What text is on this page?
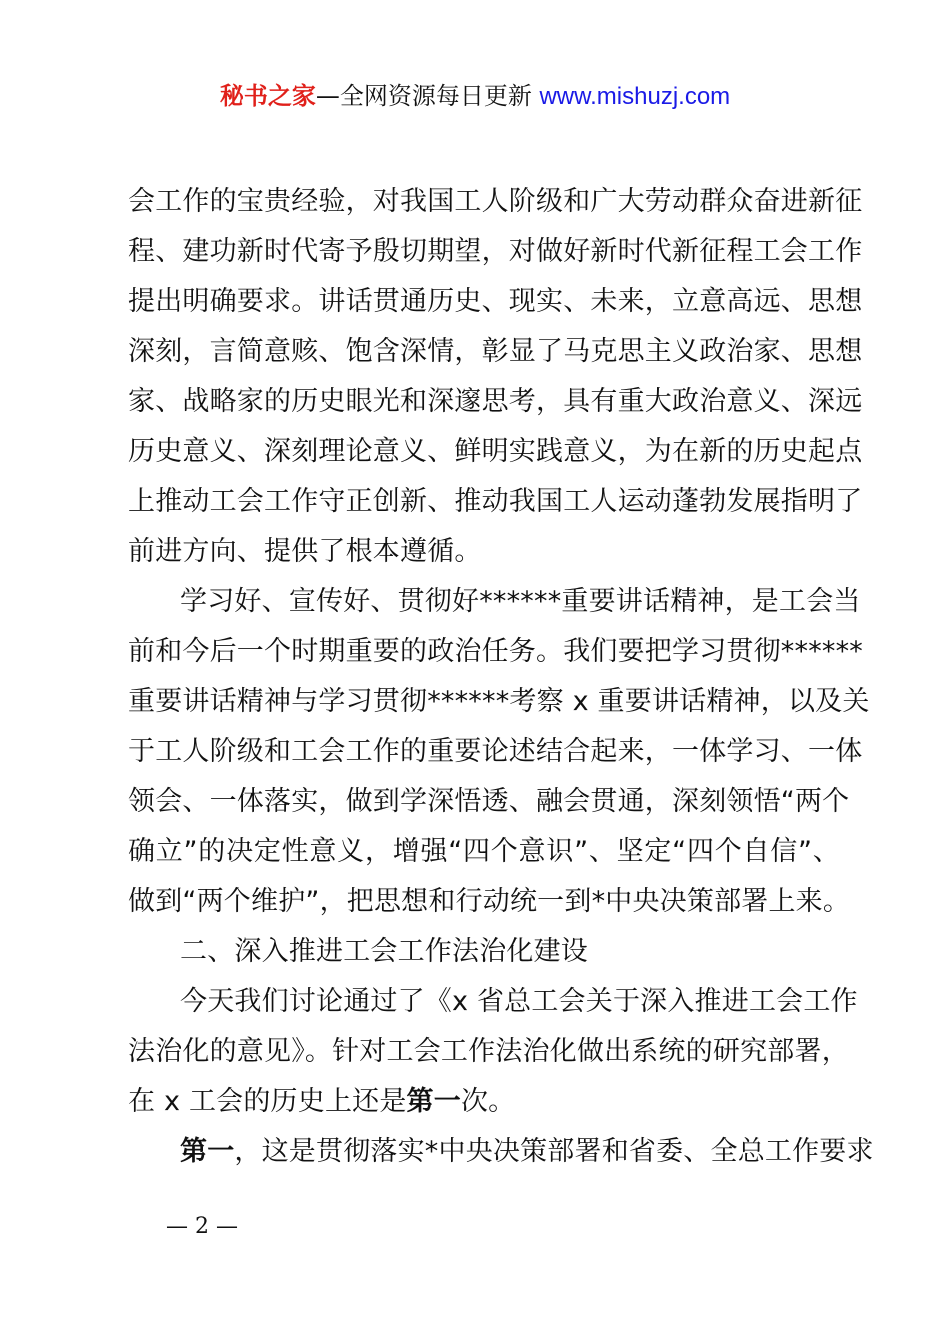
秘书之家—全网资源每日更新 www.mishuzj.com
会工作的宝贵经验，对我国工人阶级和广大劳动群众奋进新征
程、建功新时代寄予殷切期望，对做好新时代新征程工会工作
提出明确要求。讲话贯通历史、现实、未来，立意高远、思想
深刻，言简意赅、饱含深情，彰显了马克思主义政治家、思想
家、战略家的历史眼光和深邃思考，具有重大政治意义、深远
历史意义、深刻理论意义、鲜明实践意义，为在新的历史起点
上推动工会工作守正创新、推动我国工人运动蓬勃发展指明了
前进方向、提供了根本遵循。
学习好、宣传好、贯彻好******重要讲话精神，是工会当
前和今后一个时期重要的政治任务。我们要把学习贯彻******
重要讲话精神与学习贯彻******考察 x 重要讲话精神，以及关
于工人阶级和工会工作的重要论述结合起来，一体学习、一体
领会、一体落实，做到学深悟透、融会贯通，深刻领悟“两个
确立”的决定性意义，增强“四个意识”、坚定“四个自信”、
做到“两个维护”，把思想和行动统一到*中央决策部署上来。
二、深入推进工会工作法治化建设
今天我们讨论通过了《x 省总工会关于深入推进工会工作
法治化的意见》。针对工会工作法治化做出系统的研究部署，
在 x 工会的历史上还是第一次。
第一，这是贯彻落实*中央决策部署和省委、全总工作要求
— 2 —
